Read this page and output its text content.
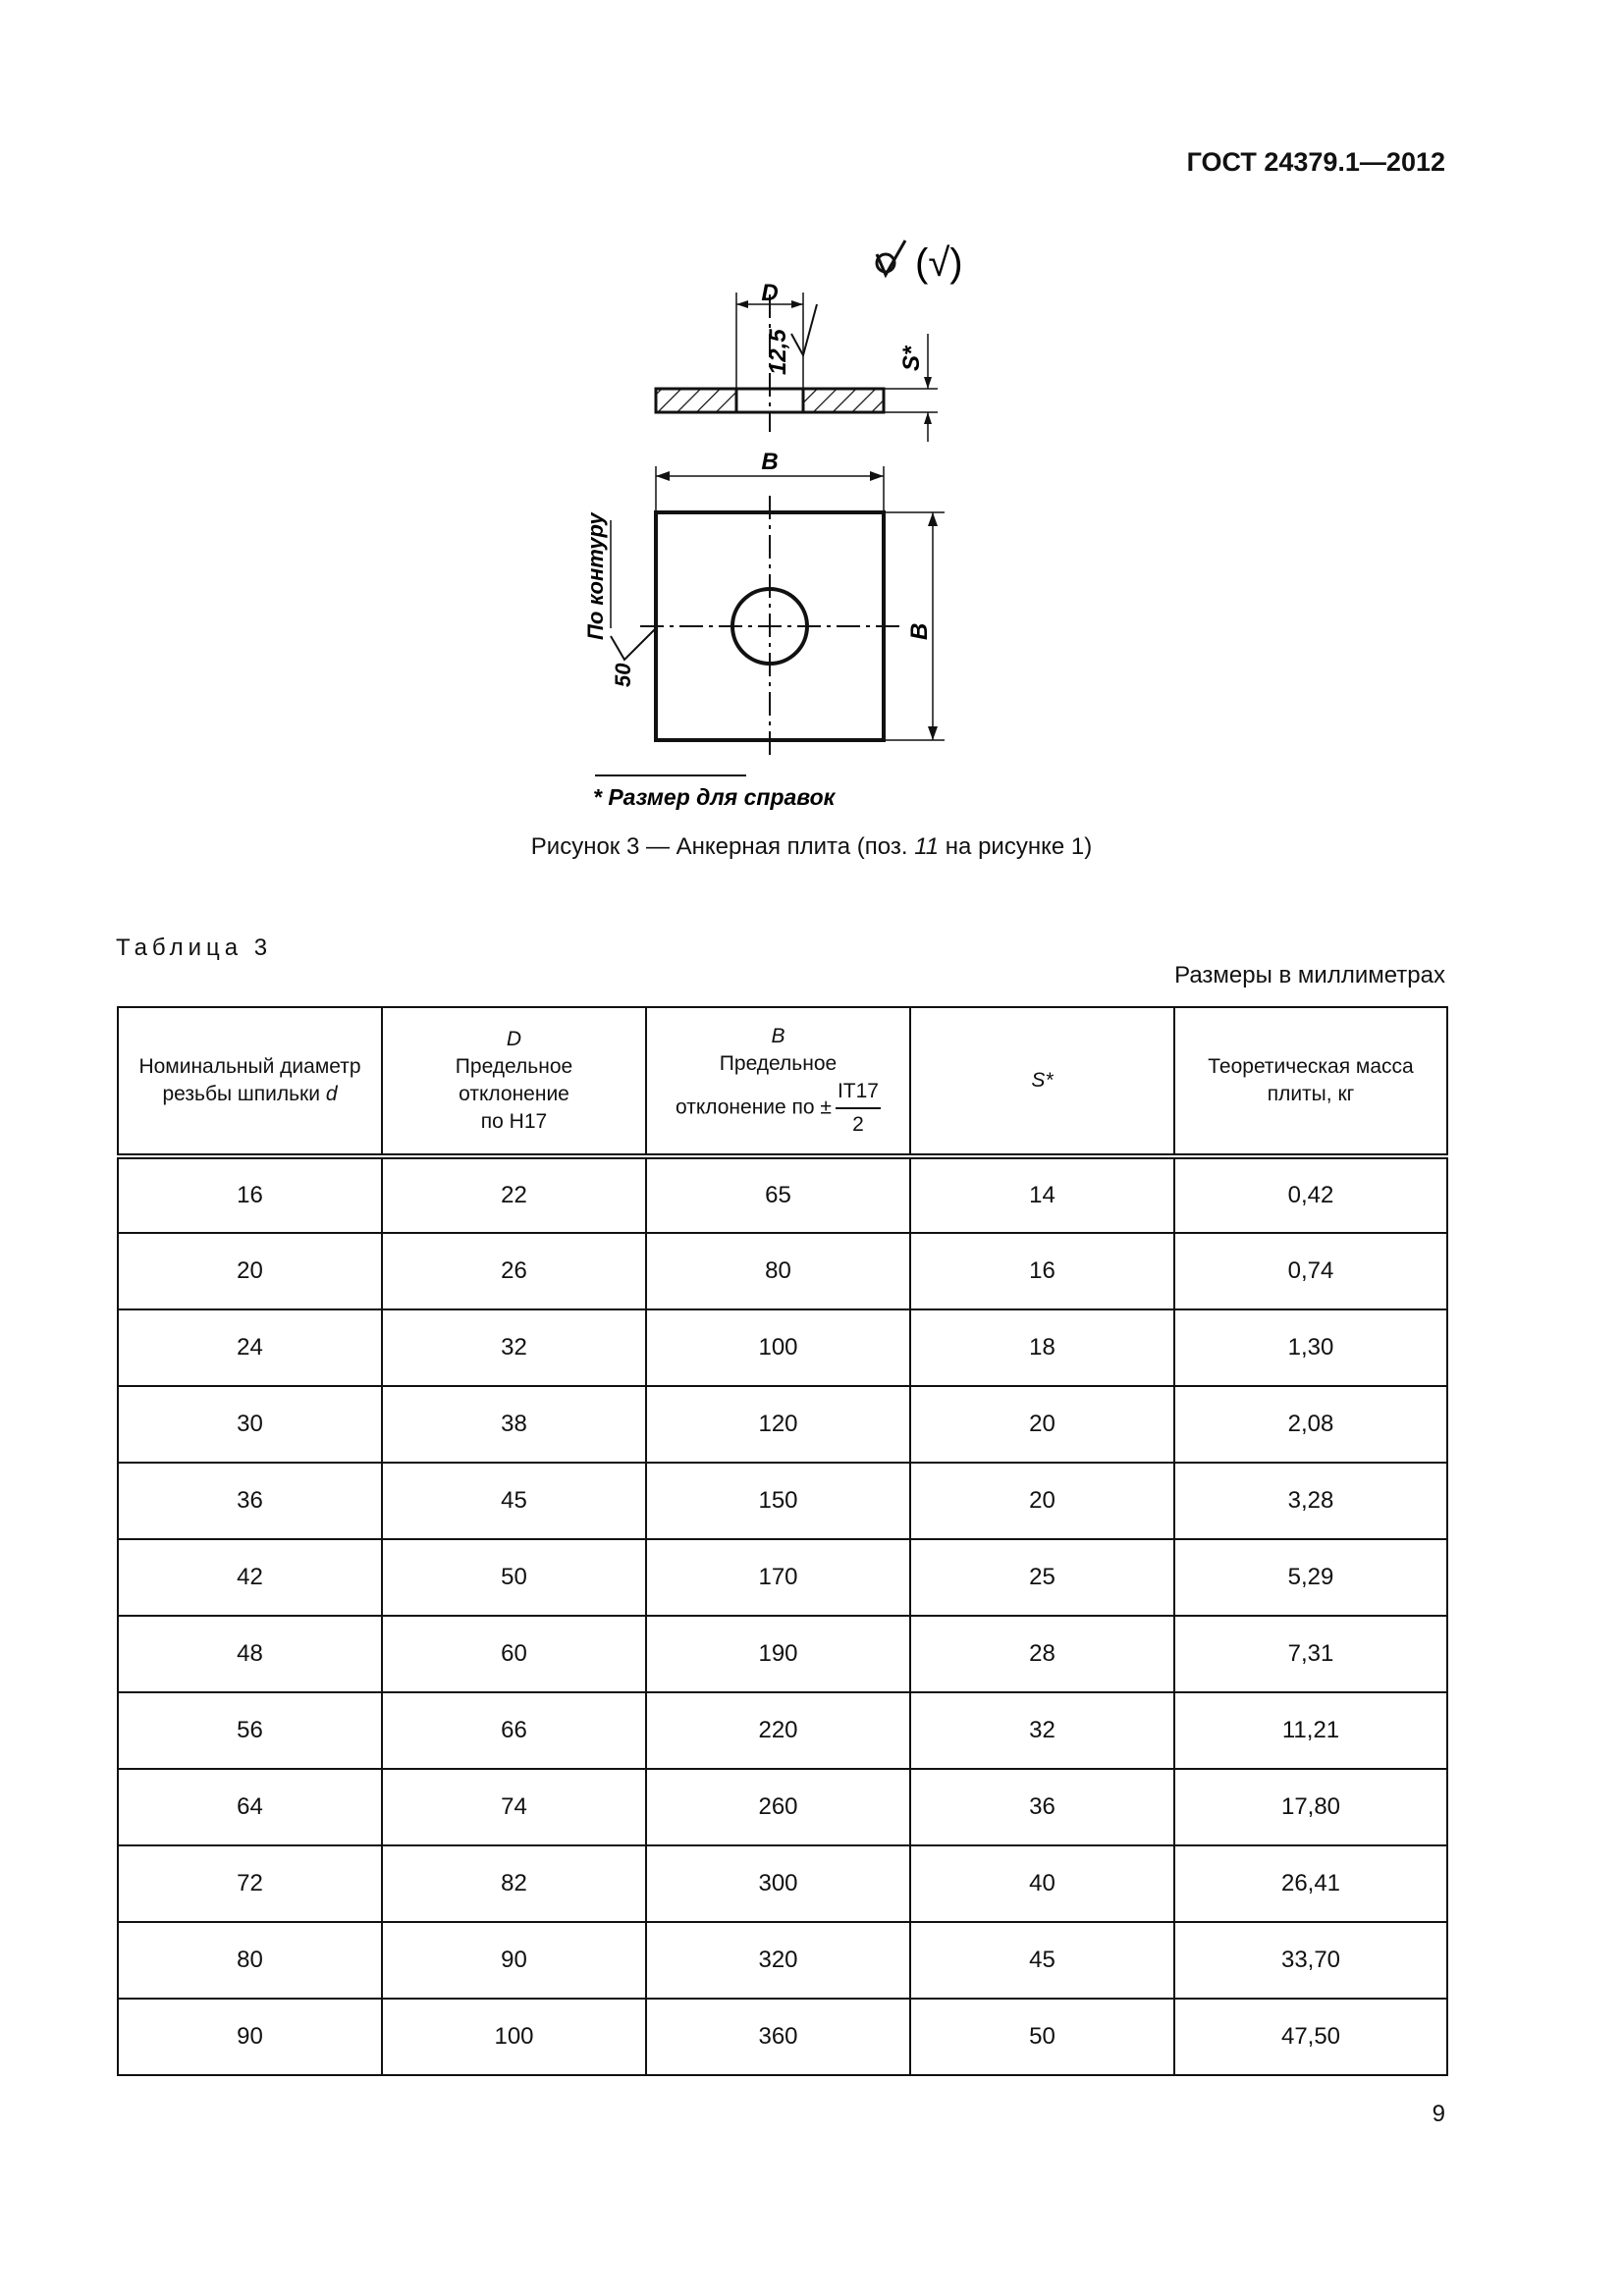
ГОСТ 24379.1—2012
(√)
D
12,5	S*
B
B
По контуру
50
* Размер для справок
Рисунок 3 — Анкерная плита (поз. 11 на рисунке 1)
Таблица 3
Размеры в миллиметрах
Номинальный диаметр
резьбы шпильки d	D
Предельное
отклонение
по Н17	B
Предельное
отклонение по ± $\frac{IT17}{2}$	S*	Теоретическая масса
плиты, кг
16	22	65	14	0,42
20	26	80	16	0,74
24	32	100	18	1,30
30	38	120	20	2,08
36	45	150	20	3,28
42	50	170	25	5,29
48	60	190	28	7,31
56	66	220	32	11,21
64	74	260	36	17,80
72	82	300	40	26,41
80	90	320	45	33,70
90	100	360	50	47,50
9
